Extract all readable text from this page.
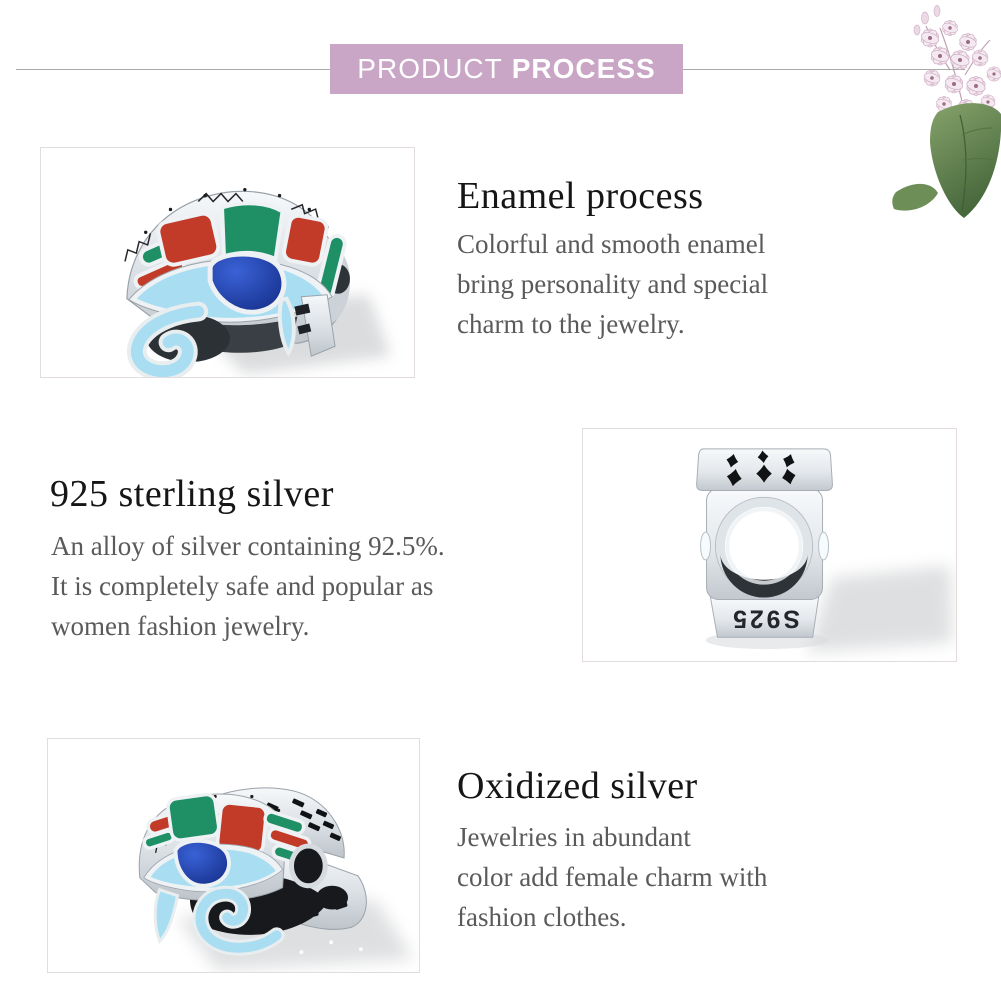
PRODUCT PROCESS
Enamel process
Colorful and smooth enamel
bring personality and special
charm to the jewelry.
925 sterling silver
An alloy of silver containing 92.5%.
It is completely safe and popular as
women fashion jewelry.	S925
Oxidized silver
Jewelries in abundant
color add female charm with
fashion clothes.
